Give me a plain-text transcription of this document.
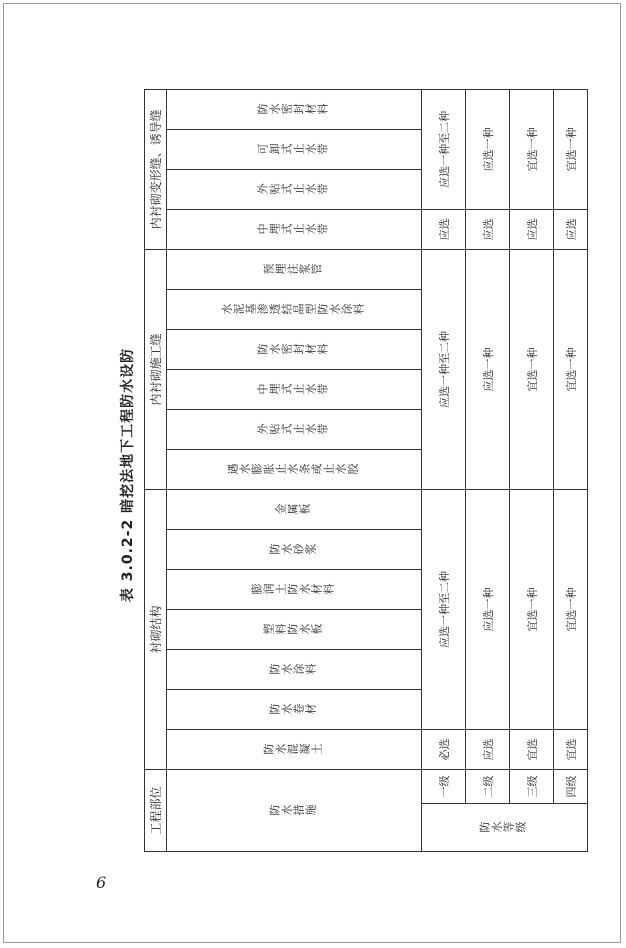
表 3.0.2-2 暗挖法地下工程防水设防
工程部位		衬砌结构							内衬砌施工缝						内衬砌变形缝、诱导缝			
防水措施		防水混凝土	防水卷材	防水涂料	塑料防水板	膨润土防水材料	防水砂浆	金属板	遇水膨胀止水条或止水胶	外贴式止水带	中埋式止水带	防水密封材料	水泥基渗透结晶型防水涂料	预埋注浆管	中埋式止水带	外贴式止水带	可卸式止水带	防水密封材料
防水等级	一级	必选	应选一种至二种						应选一种至二种						应选	应选一种至二种		
	二级	应选	应选一种						应选一种						应选	应选一种		
	三级	宜选	宜选一种						宜选一种						应选	宜选一种		
	四级	宜选	宜选一种						宜选一种						应选	宜选一种		
6
